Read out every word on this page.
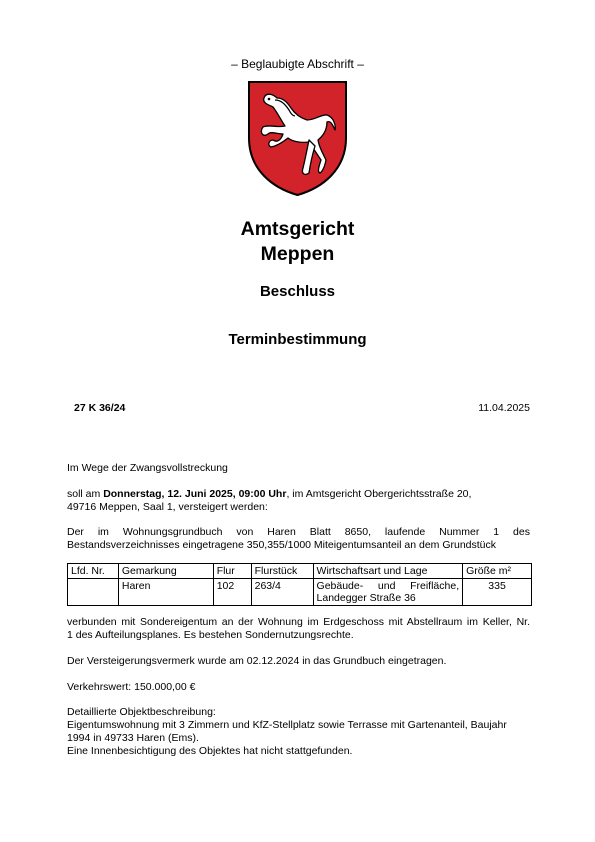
– Beglaubigte Abschrift –
Amtsgericht
Meppen
Beschluss
Terminbestimmung
27 K 36/24	11.04.2025
Im Wege der Zwangsvollstreckung
soll am Donnerstag, 12. Juni 2025, 09:00 Uhr, im Amtsgericht Obergerichtsstraße 20,
49716 Meppen, Saal 1, versteigert werden:
Der im Wohnungsgrundbuch von Haren Blatt 8650, laufende Nummer 1 des
Bestandsverzeichnisses eingetragene 350,355/1000 Miteigentumsanteil an dem Grundstück
Lfd. Nr.	Gemarkung	Flur	Flurstück	Wirtschaftsart und Lage	Größe m²
	Haren	102	263/4	Gebäude- und Freifläche,
Landegger Straße 36	335
verbunden mit Sondereigentum an der Wohnung im Erdgeschoss mit Abstellraum im Keller, Nr.
1 des Aufteilungsplanes. Es bestehen Sondernutzungsrechte.
Der Versteigerungsvermerk wurde am 02.12.2024 in das Grundbuch eingetragen.
Verkehrswert: 150.000,00 €
Detaillierte Objektbeschreibung:
Eigentumswohnung mit 3 Zimmern und KfZ-Stellplatz sowie Terrasse mit Gartenanteil, Baujahr
1994 in 49733 Haren (Ems).
Eine Innenbesichtigung des Objektes hat nicht stattgefunden.
